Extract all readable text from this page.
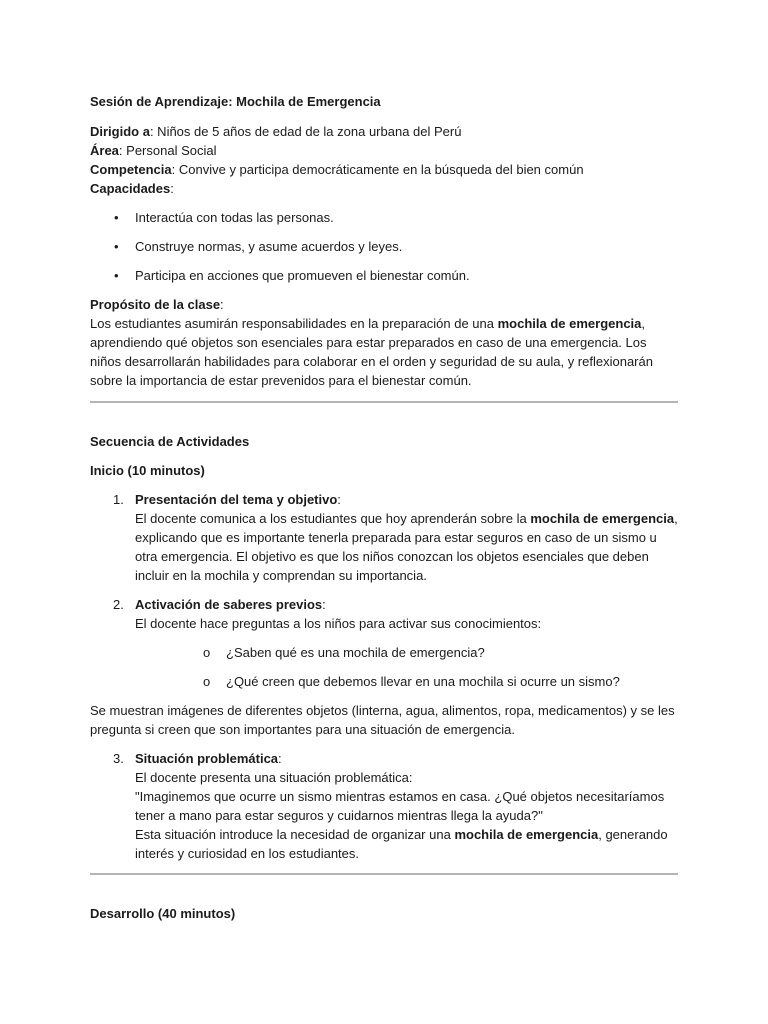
Sesión de Aprendizaje: Mochila de Emergencia

Dirigido a: Niños de 5 años de edad de la zona urbana del Perú
Área: Personal Social
Competencia: Convive y participa democráticamente en la búsqueda del bien común
Capacidades:
• Interactúa con todas las personas.
• Construye normas, y asume acuerdos y leyes.
• Participa en acciones que promueven el bienestar común.

Propósito de la clase:

Los estudiantes asumirán responsabilidades en la preparación de una mochila de emergencia, aprendiendo qué objetos son esenciales para estar preparados en caso de una emergencia. Los niños desarrollarán habilidades para colaborar en el orden y seguridad de su aula, y reflexionarán sobre la importancia de estar prevenidos para el bienestar común.

Secuencia de Actividades

Inicio (10 minutos)

1. Presentación del tema y objetivo:
El docente comunica a los estudiantes que hoy aprenderán sobre la mochila de emergencia, explicando que es importante tenerla preparada para estar seguros en caso de un sismo u otra emergencia. El objetivo es que los niños conozcan los objetos esenciales que deben incluir en la mochila y comprendan su importancia.
2. Activación de saberes previos:
El docente hace preguntas a los niños para activar sus conocimientos:
o ¿Saben qué es una mochila de emergencia?
o ¿Qué creen que debemos llevar en una mochila si ocurre un sismo?

Se muestran imágenes de diferentes objetos (linterna, agua, alimentos, ropa, medicamentos) y se les pregunta si creen que son importantes para una situación de emergencia.

3. Situación problemática:
El docente presenta una situación problemática:
"Imaginemos que ocurre un sismo mientras estamos en casa. ¿Qué objetos necesitaríamos tener a mano para estar seguros y cuidarnos mientras llega la ayuda?"
Esta situación introduce la necesidad de organizar una mochila de emergencia, generando interés y curiosidad en los estudiantes.

Desarrollo (40 minutos)
